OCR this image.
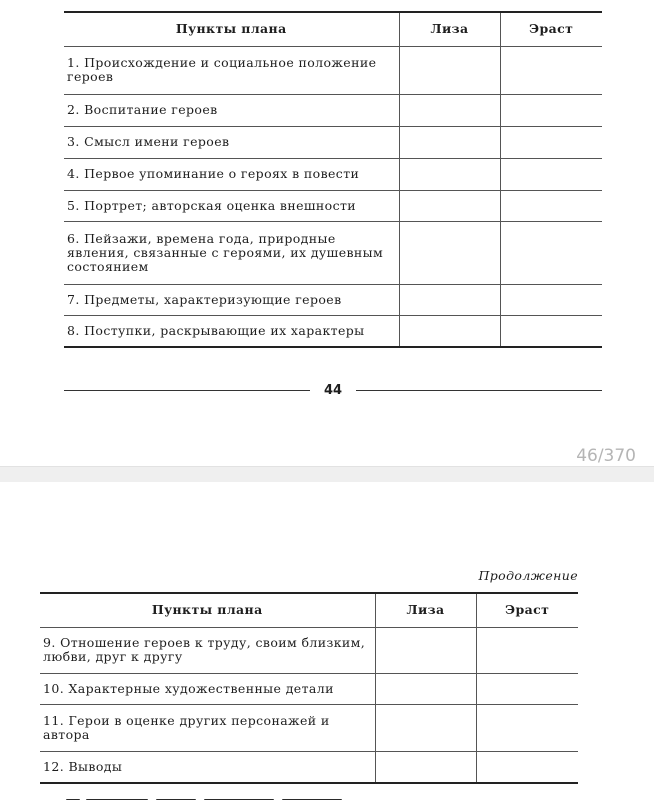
Пункты плана	Лиза	Эраст
1. Происхождение и социальное положение героев		
2. Воспитание героев		
3. Смысл имени героев		
4. Первое упоминание о героях в повести		
5. Портрет; авторская оценка внешности		
6. Пейзажи, времена года, природные явления, связанные с героями, их душевным состоянием		
7. Предметы, характеризующие героев		
8. Поступки, раскрывающие их характеры		
44
46/370
Продолжение
Пункты плана	Лиза	Эраст
9. Отношение героев к труду, своим близким, любви, друг к другу		
10. Характерные художественные детали		
11. Герои в оценке других персонажей и автора		
12. Выводы		
